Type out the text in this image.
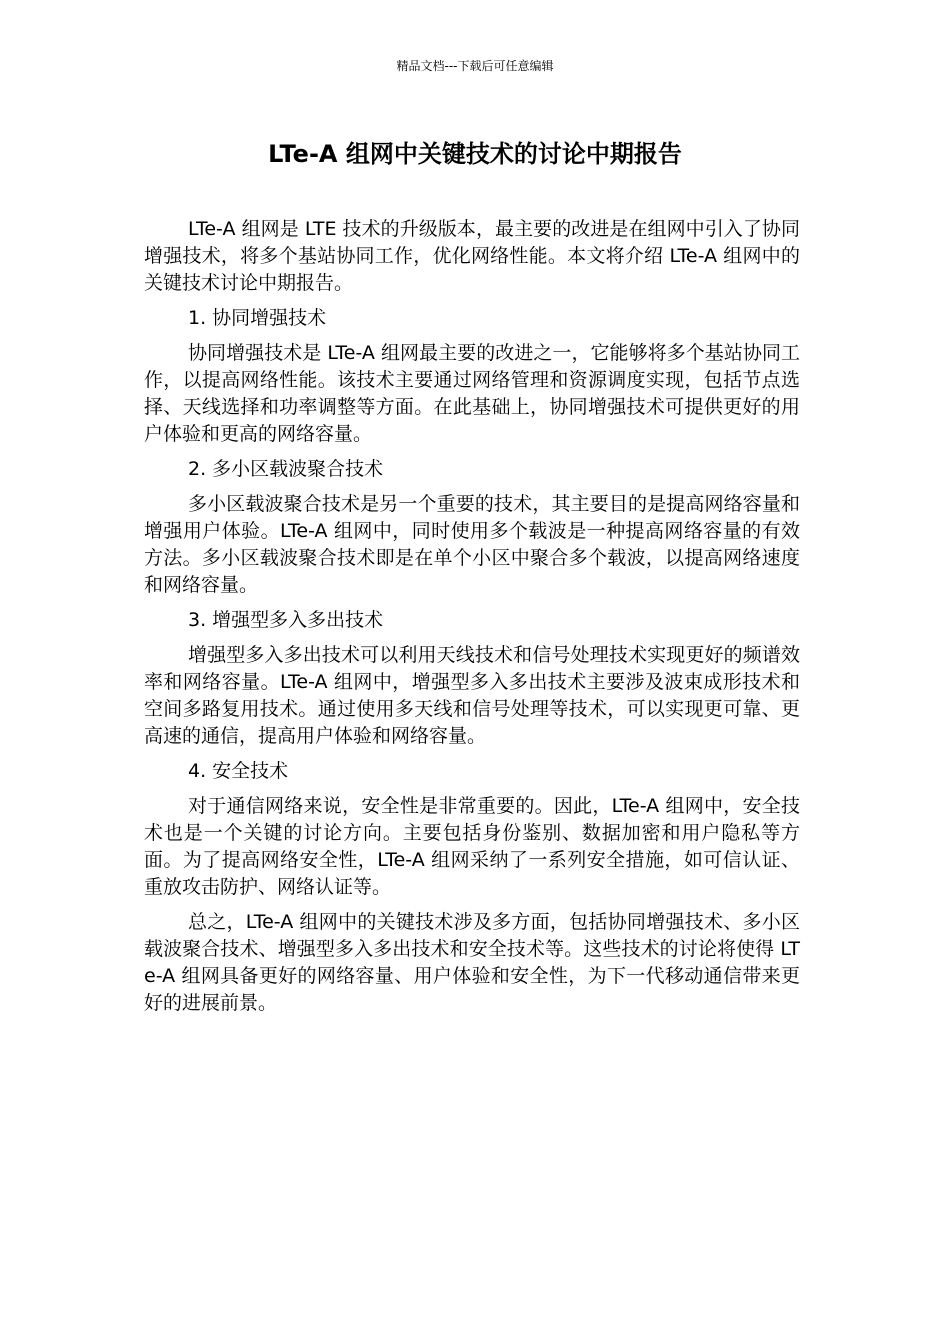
精品文档---下载后可任意编辑
LTe-A 组网中关键技术的讨论中期报告

LTe-A 组网是 LTE 技术的升级版本，最主要的改进是在组网中引入了协同增强技术，将多个基站协同工作，优化网络性能。本文将介绍 LTe-A 组网中的关键技术讨论中期报告。

1. 协同增强技术

协同增强技术是 LTe-A 组网最主要的改进之一，它能够将多个基站协同工作，以提高网络性能。该技术主要通过网络管理和资源调度实现，包括节点选择、天线选择和功率调整等方面。在此基础上，协同增强技术可提供更好的用户体验和更高的网络容量。

2. 多小区载波聚合技术

多小区载波聚合技术是另一个重要的技术，其主要目的是提高网络容量和增强用户体验。LTe-A 组网中，同时使用多个载波是一种提高网络容量的有效方法。多小区载波聚合技术即是在单个小区中聚合多个载波，以提高网络速度和网络容量。

3. 增强型多入多出技术

增强型多入多出技术可以利用天线技术和信号处理技术实现更好的频谱效率和网络容量。LTe-A 组网中，增强型多入多出技术主要涉及波束成形技术和空间多路复用技术。通过使用多天线和信号处理等技术，可以实现更可靠、更高速的通信，提高用户体验和网络容量。

4. 安全技术

对于通信网络来说，安全性是非常重要的。因此，LTe-A 组网中，安全技术也是一个关键的讨论方向。主要包括身份鉴别、数据加密和用户隐私等方面。为了提高网络安全性，LTe-A 组网采纳了一系列安全措施，如可信认证、重放攻击防护、网络认证等。

总之，LTe-A 组网中的关键技术涉及多方面，包括协同增强技术、多小区载波聚合技术、增强型多入多出技术和安全技术等。这些技术的讨论将使得 LTe-A 组网具备更好的网络容量、用户体验和安全性，为下一代移动通信带来更好的进展前景。
